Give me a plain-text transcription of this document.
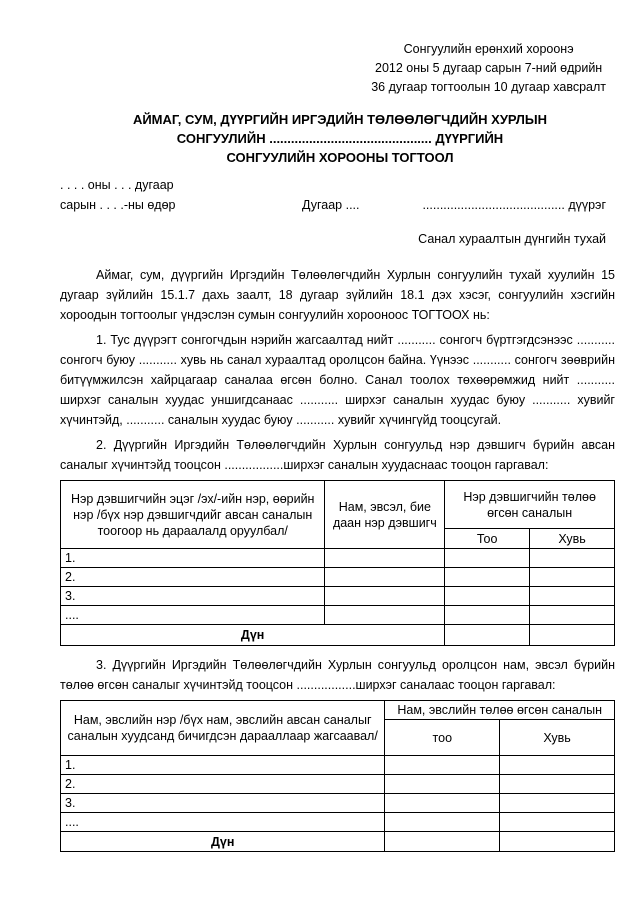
Сонгуулийн ерөнхий хороонэ
2012 оны 5 дугаар сарын 7-ний өдрийн
36 дугаар тогтоолын 10 дугаар хавсралт
АЙМАГ, СУМ, ДҮҮРГИЙН ИРГЭДИЙН ТӨЛӨӨЛӨГЧДИЙН ХУРЛЫН
СОНГУУЛИЙН ............................................. ДҮҮРГИЙН
СОНГУУЛИЙН ХОРООНЫ ТОГТООЛ
. . . . оны . . . дугаар
сарын . . . .-ны өдөр	Дугаар ....	......................................... дүүрэг
Санал хураалтын дүнгийн тухай
Аймаг, сум, дүүргийн Иргэдийн Төлөөлөгчдийн Хурлын сонгуулийн тухай хуулийн 15 дугаар зүйлийн 15.1.7 дахь заалт, 18 дугаар зүйлийн 18.1 дэх хэсэг, сонгуулийн хэсгийн хороодын тогтоолыг үндэслэн сумын сонгуулийн хорооноос ТОГТООХ нь:
1. Тус дүүрэгт сонгогчдын нэрийн жагсаалтад нийт ........... сонгогч бүртгэгдсэнээс ........... сонгогч буюу ........... хувь нь санал хураалтад оролцсон байна. Үүнээс ........... сонгогч зөөврийн битүүмжилсэн хайрцагаар саналаа өгсөн болно. Санал тоолох төхөөрөмжид нийт ........... ширхэг саналын хуудас уншигдсанаас ........... ширхэг саналын хуудас буюу ........... хувийг хүчинтэйд, ........... саналын хуудас буюу ........... хувийг хүчингүйд тооцсугай.
2. Дүүргийн Иргэдийн Төлөөлөгчдийн Хурлын сонгуульд нэр дэвшигч бүрийн авсан саналыг хүчинтэйд тооцсон .................ширхэг саналын хуудаснаас тооцон гаргавал:
Нэр дэвшигчийн эцэг /эх/-ийн нэр, өөрийн нэр /бүх нэр дэвшигчдийг авсан саналын тоогоор нь дараалалд оруулбал/	Нам, эвсэл, бие даан нэр дэвшигч	Нэр дэвшигчийн төлөө өгсөн саналын	
		Тоо	Хувь
1.			
2.			
3.			
....			
Дүн			
3. Дүүргийн Иргэдийн Төлөөлөгчдийн Хурлын сонгуульд оролцсон нам, эвсэл бүрийн төлөө өгсөн саналыг хүчинтэйд тооцсон .................ширхэг саналаас тооцон гаргавал:
Нам, эвслийн нэр /бүх нам, эвслийн авсан саналыг саналын хуудсанд бичигдсэн дарааллаар жагсаавал/	Нам, эвслийн төлөө өгсөн саналын	
	тоо	Хувь
1.		
2.		
3.		
....		
Дүн		
